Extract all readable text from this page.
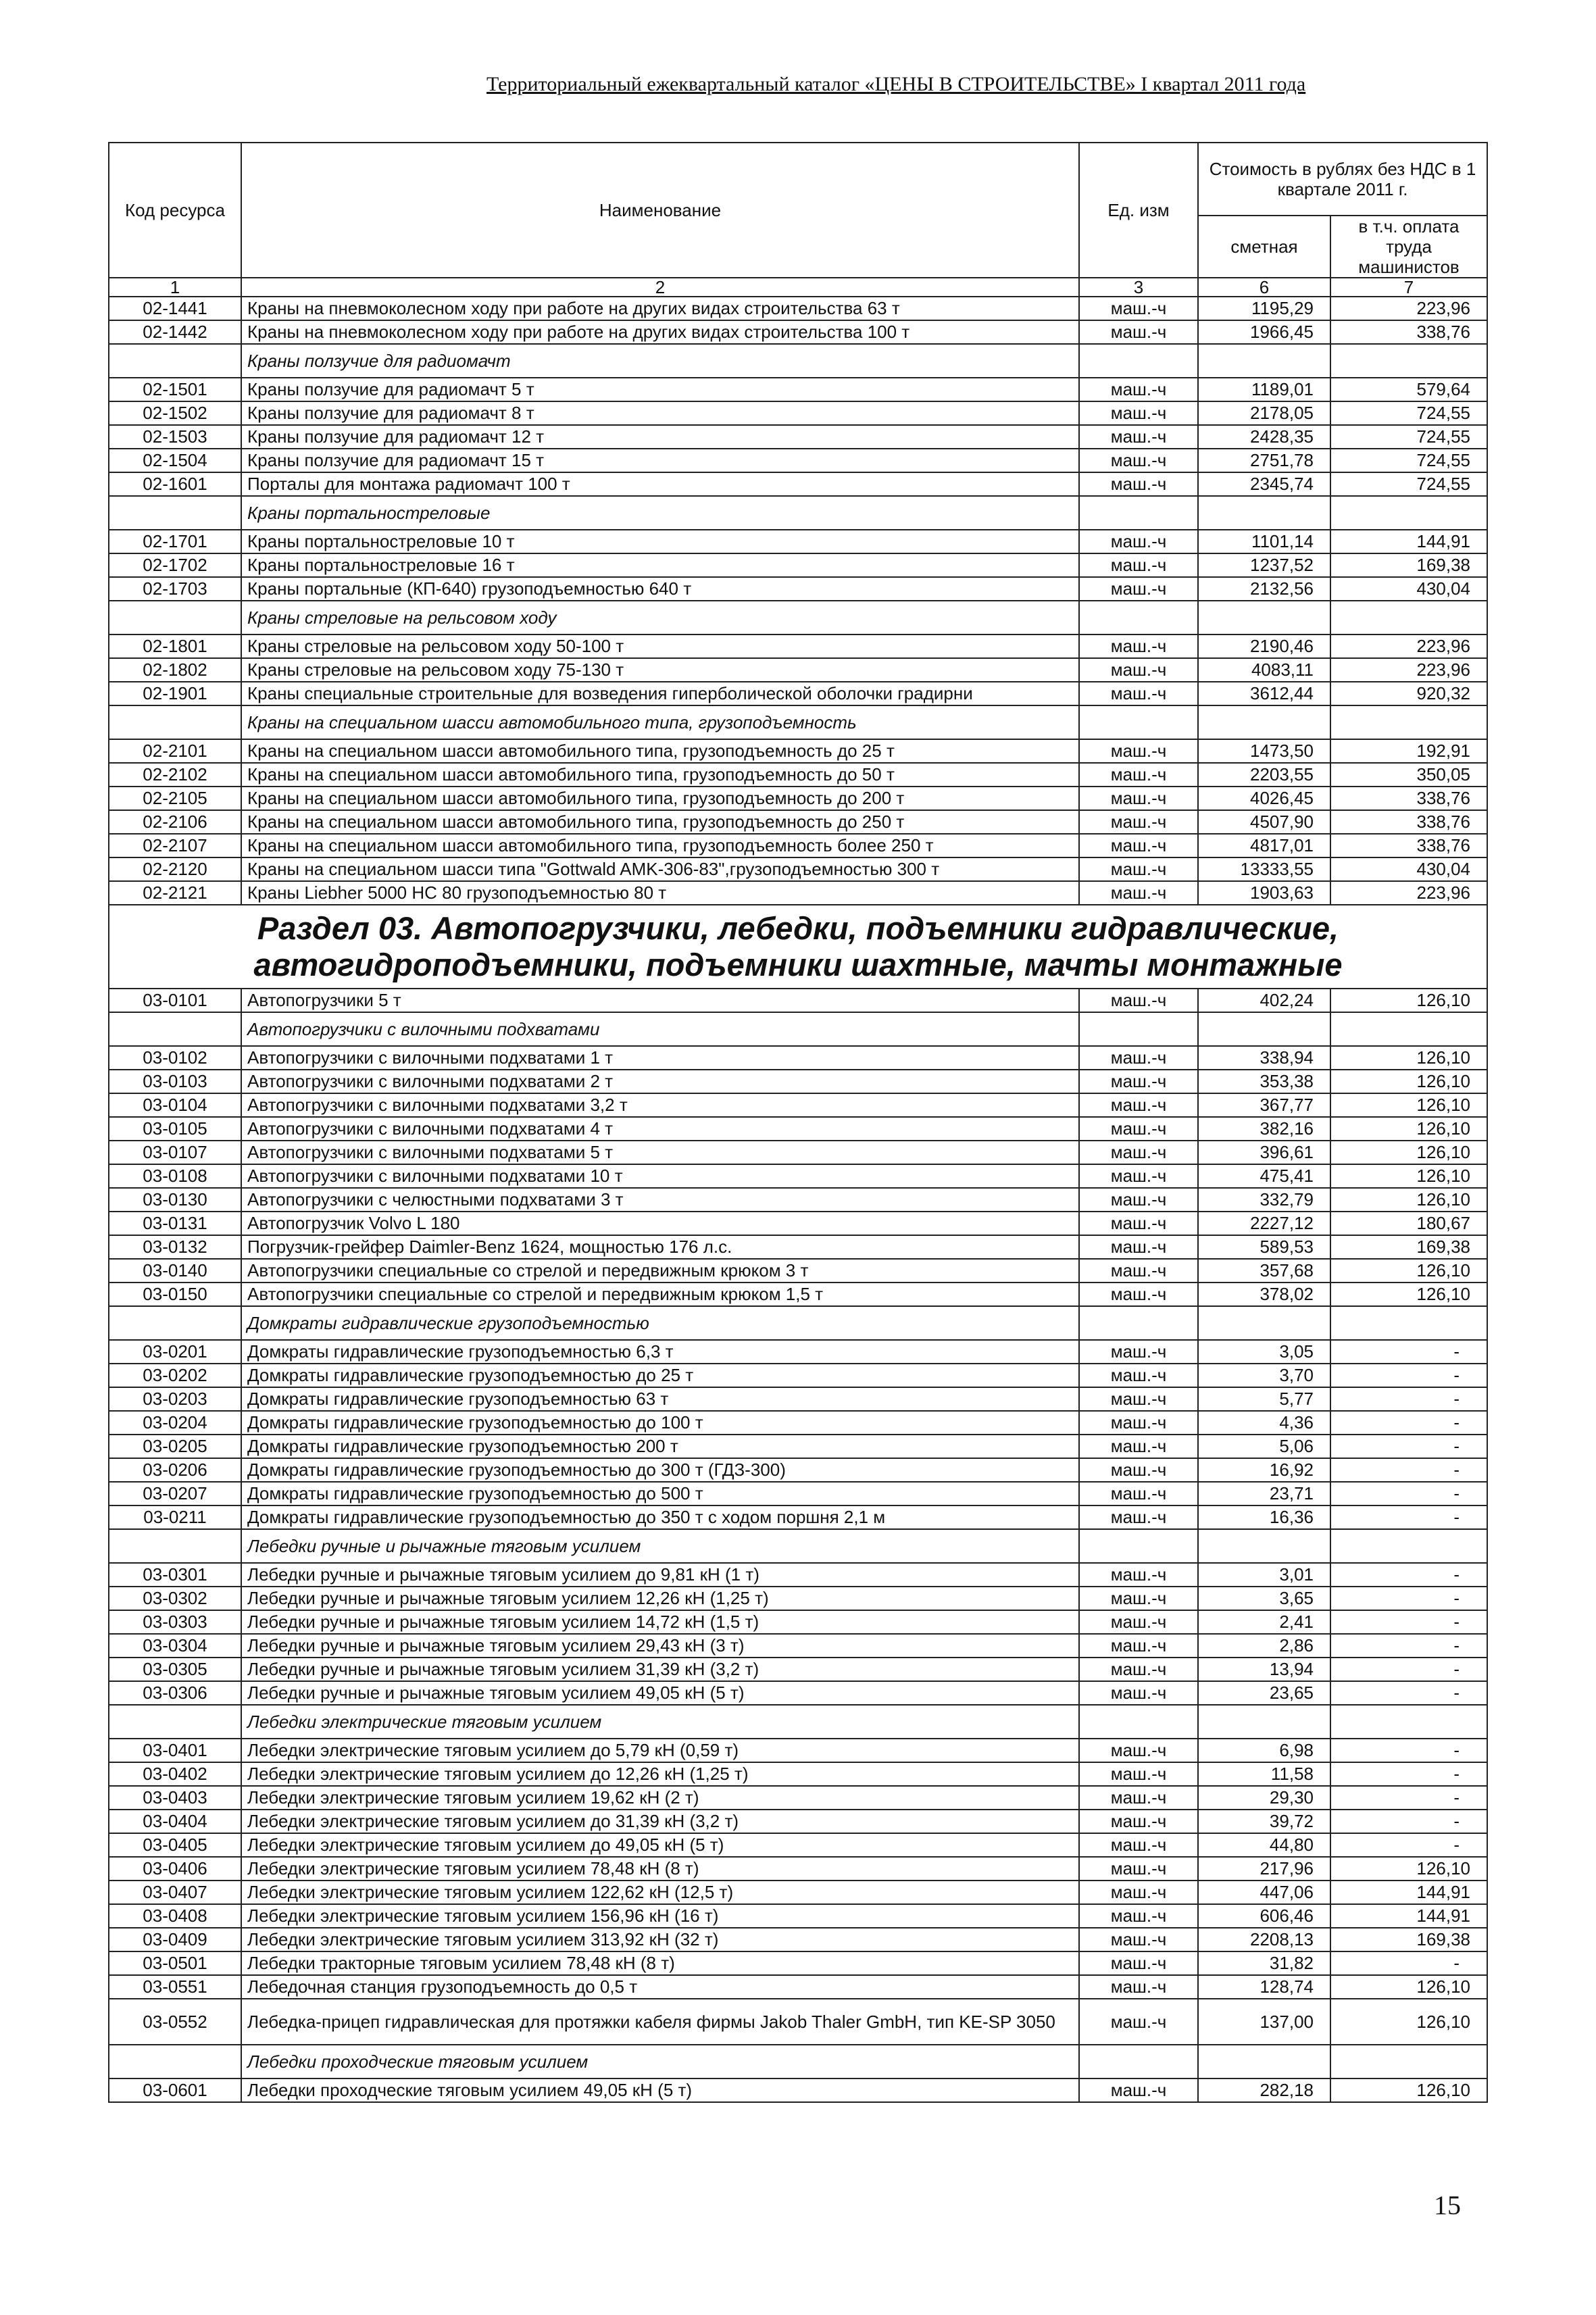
Территориальный ежеквартальный каталог «ЦЕНЫ В СТРОИТЕЛЬСТВЕ» I квартал 2011 года
Код ресурса	Наименование	Ед. изм	Стоимость в рублях без НДС в 1 квартале 2011 г.	
			сметная	в т.ч. оплата труда машинистов
1	2	3	6	7
02-1441	Краны на пневмоколесном ходу при работе на других видах строительства 63 т	маш.-ч	1195,29	223,96
02-1442	Краны на пневмоколесном ходу при работе на других видах строительства 100 т	маш.-ч	1966,45	338,76
	Краны ползучие для радиомачт			
02-1501	Краны ползучие для радиомачт 5 т	маш.-ч	1189,01	579,64
02-1502	Краны ползучие для радиомачт 8 т	маш.-ч	2178,05	724,55
02-1503	Краны ползучие для радиомачт 12 т	маш.-ч	2428,35	724,55
02-1504	Краны ползучие для радиомачт 15 т	маш.-ч	2751,78	724,55
02-1601	Порталы для монтажа радиомачт 100 т	маш.-ч	2345,74	724,55
	Краны портальностреловые			
02-1701	Краны портальностреловые 10 т	маш.-ч	1101,14	144,91
02-1702	Краны портальностреловые 16 т	маш.-ч	1237,52	169,38
02-1703	Краны портальные (КП-640) грузоподъемностью 640 т	маш.-ч	2132,56	430,04
	Краны стреловые на рельсовом ходу			
02-1801	Краны стреловые на рельсовом ходу 50-100 т	маш.-ч	2190,46	223,96
02-1802	Краны стреловые на рельсовом ходу 75-130 т	маш.-ч	4083,11	223,96
02-1901	Краны специальные строительные для возведения гиперболической оболочки градирни	маш.-ч	3612,44	920,32
	Краны на специальном шасси автомобильного типа, грузоподъемность			
02-2101	Краны на специальном шасси автомобильного типа, грузоподъемность до 25 т	маш.-ч	1473,50	192,91
02-2102	Краны на специальном шасси автомобильного типа, грузоподъемность до 50 т	маш.-ч	2203,55	350,05
02-2105	Краны на специальном шасси автомобильного типа, грузоподъемность до 200 т	маш.-ч	4026,45	338,76
02-2106	Краны на специальном шасси автомобильного типа, грузоподъемность до 250 т	маш.-ч	4507,90	338,76
02-2107	Краны на специальном шасси автомобильного типа, грузоподъемность более 250 т	маш.-ч	4817,01	338,76
02-2120	Краны на специальном шасси типа "Gottwald AMK-306-83",грузоподъемностью 300 т	маш.-ч	13333,55	430,04
02-2121	Краны Liebher 5000 HC 80 грузоподъемностью 80 т	маш.-ч	1903,63	223,96
Раздел 03. Автопогрузчики, лебедки, подъемники гидравлические, автогидроподъемники, подъемники шахтные, мачты монтажные				
03-0101	Автопогрузчики 5 т	маш.-ч	402,24	126,10
	Автопогрузчики с вилочными подхватами			
03-0102	Автопогрузчики с вилочными подхватами 1 т	маш.-ч	338,94	126,10
03-0103	Автопогрузчики с вилочными подхватами 2 т	маш.-ч	353,38	126,10
03-0104	Автопогрузчики с вилочными подхватами 3,2 т	маш.-ч	367,77	126,10
03-0105	Автопогрузчики с вилочными подхватами 4 т	маш.-ч	382,16	126,10
03-0107	Автопогрузчики с вилочными подхватами 5 т	маш.-ч	396,61	126,10
03-0108	Автопогрузчики с вилочными подхватами 10 т	маш.-ч	475,41	126,10
03-0130	Автопогрузчики с челюстными подхватами 3 т	маш.-ч	332,79	126,10
03-0131	Автопогрузчик Volvo L 180	маш.-ч	2227,12	180,67
03-0132	Погрузчик-грейфер Daimler-Benz 1624, мощностью 176 л.с.	маш.-ч	589,53	169,38
03-0140	Автопогрузчики специальные со стрелой и передвижным крюком 3 т	маш.-ч	357,68	126,10
03-0150	Автопогрузчики специальные со стрелой и передвижным крюком 1,5 т	маш.-ч	378,02	126,10
	Домкраты гидравлические грузоподъемностью			
03-0201	Домкраты гидравлические грузоподъемностью 6,3 т	маш.-ч	3,05	-
03-0202	Домкраты гидравлические грузоподъемностью до 25 т	маш.-ч	3,70	-
03-0203	Домкраты гидравлические грузоподъемностью 63 т	маш.-ч	5,77	-
03-0204	Домкраты гидравлические грузоподъемностью до 100 т	маш.-ч	4,36	-
03-0205	Домкраты гидравлические грузоподъемностью 200 т	маш.-ч	5,06	-
03-0206	Домкраты гидравлические грузоподъемностью до 300 т (ГДЗ-300)	маш.-ч	16,92	-
03-0207	Домкраты гидравлические грузоподъемностью до 500 т	маш.-ч	23,71	-
03-0211	Домкраты гидравлические грузоподъемностью до 350 т с ходом поршня 2,1 м	маш.-ч	16,36	-
	Лебедки ручные и рычажные тяговым усилием			
03-0301	Лебедки ручные и рычажные тяговым усилием до 9,81 кН (1 т)	маш.-ч	3,01	-
03-0302	Лебедки ручные и рычажные тяговым усилием 12,26 кН (1,25 т)	маш.-ч	3,65	-
03-0303	Лебедки ручные и рычажные тяговым усилием 14,72 кН (1,5 т)	маш.-ч	2,41	-
03-0304	Лебедки ручные и рычажные тяговым усилием 29,43 кН (3 т)	маш.-ч	2,86	-
03-0305	Лебедки ручные и рычажные тяговым усилием 31,39 кН (3,2 т)	маш.-ч	13,94	-
03-0306	Лебедки ручные и рычажные тяговым усилием 49,05 кН (5 т)	маш.-ч	23,65	-
	Лебедки электрические тяговым усилием			
03-0401	Лебедки электрические тяговым усилием до 5,79 кН (0,59 т)	маш.-ч	6,98	-
03-0402	Лебедки электрические тяговым усилием до 12,26 кН (1,25 т)	маш.-ч	11,58	-
03-0403	Лебедки электрические тяговым усилием 19,62 кН (2 т)	маш.-ч	29,30	-
03-0404	Лебедки электрические тяговым усилием до 31,39 кН (3,2 т)	маш.-ч	39,72	-
03-0405	Лебедки электрические тяговым усилием до 49,05 кН (5 т)	маш.-ч	44,80	-
03-0406	Лебедки электрические тяговым усилием 78,48 кН (8 т)	маш.-ч	217,96	126,10
03-0407	Лебедки электрические тяговым усилием 122,62 кН (12,5 т)	маш.-ч	447,06	144,91
03-0408	Лебедки электрические тяговым усилием 156,96 кН (16 т)	маш.-ч	606,46	144,91
03-0409	Лебедки электрические тяговым усилием 313,92 кН (32 т)	маш.-ч	2208,13	169,38
03-0501	Лебедки тракторные тяговым усилием 78,48 кН (8 т)	маш.-ч	31,82	-
03-0551	Лебедочная станция грузоподъемность до 0,5 т	маш.-ч	128,74	126,10
03-0552	Лебедка-прицеп гидравлическая для протяжки кабеля фирмы Jakob Thaler GmbH, тип KE-SP 3050	маш.-ч	137,00	126,10
	Лебедки проходческие тяговым усилием			
03-0601	Лебедки проходческие тяговым усилием 49,05 кН (5 т)	маш.-ч	282,18	126,10
15
